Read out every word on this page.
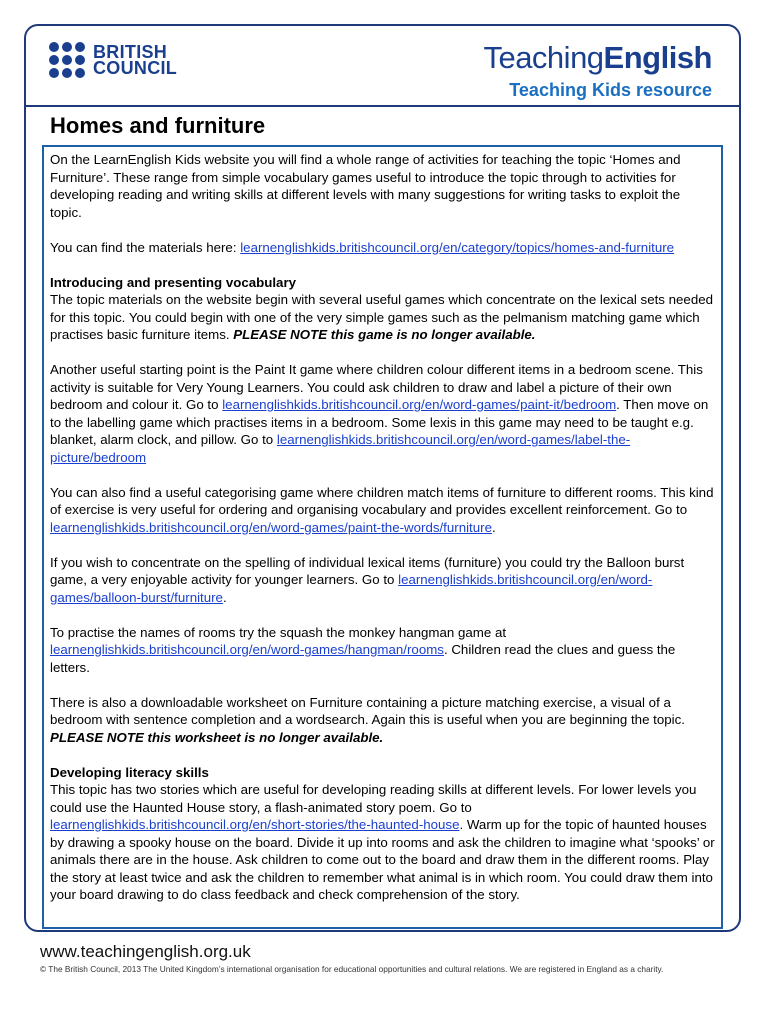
BRITISH
COUNCIL	TeachingEnglish
Teaching Kids resource
Homes and furniture

On the LearnEnglish Kids website you will find a whole range of activities for teaching the topic ‘Homes and Furniture’. These range from simple vocabulary games useful to introduce the topic through to activities for developing reading and writing skills at different levels with many suggestions for writing tasks to exploit the topic.

You can find the materials here: learnenglishkids.britishcouncil.org/en/category/topics/homes-and-furniture

Introducing and presenting vocabulary

The topic materials on the website begin with several useful games which concentrate on the lexical sets needed for this topic. You could begin with one of the very simple games such as the pelmanism matching game which practises basic furniture items. PLEASE NOTE this game is no longer available.

Another useful starting point is the Paint It game where children colour different items in a bedroom scene. This activity is suitable for Very Young Learners. You could ask children to draw and label a picture of their own bedroom and colour it. Go to learnenglishkids.britishcouncil.org/en/word-games/paint-it/bedroom. Then move on to the labelling game which practises items in a bedroom. Some lexis in this game may need to be taught e.g. blanket, alarm clock, and pillow. Go to learnenglishkids.britishcouncil.org/en/word-games/label-the-picture/bedroom

You can also find a useful categorising game where children match items of furniture to different rooms. This kind of exercise is very useful for ordering and organising vocabulary and provides excellent reinforcement. Go to learnenglishkids.britishcouncil.org/en/word-games/paint-the-words/furniture.

If you wish to concentrate on the spelling of individual lexical items (furniture) you could try the Balloon burst game, a very enjoyable activity for younger learners. Go to learnenglishkids.britishcouncil.org/en/word-games/balloon-burst/furniture.

To practise the names of rooms try the squash the monkey hangman game at learnenglishkids.britishcouncil.org/en/word-games/hangman/rooms. Children read the clues and guess the letters.

There is also a downloadable worksheet on Furniture containing a picture matching exercise, a visual of a bedroom with sentence completion and a wordsearch. Again this is useful when you are beginning the topic. PLEASE NOTE this worksheet is no longer available.

Developing literacy skills

This topic has two stories which are useful for developing reading skills at different levels. For lower levels you could use the Haunted House story, a flash-animated story poem. Go to learnenglishkids.britishcouncil.org/en/short-stories/the-haunted-house. Warm up for the topic of haunted houses by drawing a spooky house on the board. Divide it up into rooms and ask the children to imagine what ‘spooks’ or animals there are in the house. Ask children to come out to the board and draw them in the different rooms. Play the story at least twice and ask the children to remember what animal is in which room. You could draw them into your board drawing to do class feedback and check comprehension of the story.

www.teachingenglish.org.uk
© The British Council, 2013 The United Kingdom’s international organisation for educational opportunities and cultural relations. We are registered in England as a charity.
